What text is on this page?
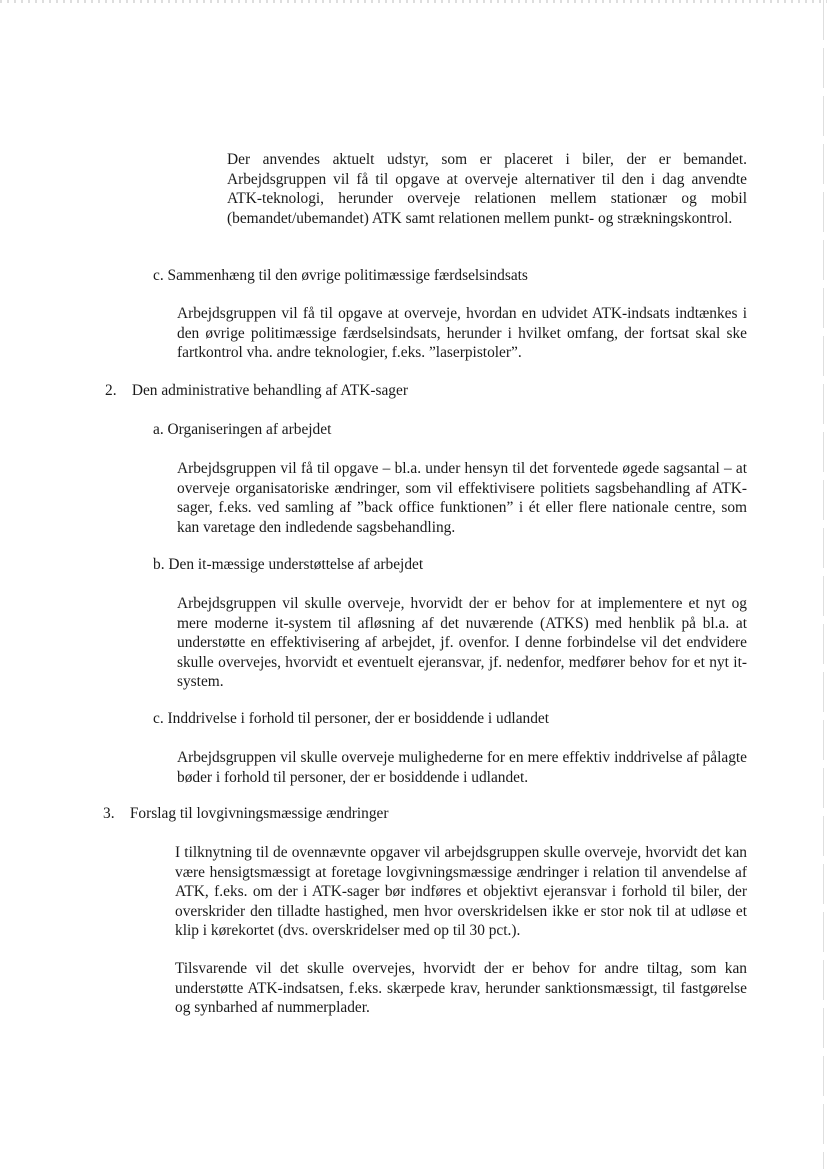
Der anvendes aktuelt udstyr, som er placeret i biler, der er bemandet. Arbejdsgruppen vil få til opgave at overveje alternativer til den i dag anvendte ATK-teknologi, herunder overveje relationen mellem stationær og mobil (bemandet/ubemandet) ATK samt relationen mellem punkt- og strækningskontrol.

c. Sammenhæng til den øvrige politimæssige færdselsindsats

Arbejdsgruppen vil få til opgave at overveje, hvordan en udvidet ATK-indsats indtænkes i den øvrige politimæssige færdselsindsats, herunder i hvilket omfang, der fortsat skal ske fartkontrol vha. andre teknologier, f.eks. ”laserpistoler”.

2. Den administrative behandling af ATK-sager

a. Organiseringen af arbejdet

Arbejdsgruppen vil få til opgave – bl.a. under hensyn til det forventede øgede sagsantal – at overveje organisatoriske ændringer, som vil effektivisere politiets sagsbehandling af ATK-sager, f.eks. ved samling af ”back office funktionen” i ét eller flere nationale centre, som kan varetage den indledende sagsbehandling.

b. Den it-mæssige understøttelse af arbejdet

Arbejdsgruppen vil skulle overveje, hvorvidt der er behov for at implementere et nyt og mere moderne it-system til afløsning af det nuværende (ATKS) med henblik på bl.a. at understøtte en effektivisering af arbejdet, jf. ovenfor. I denne forbindelse vil det endvidere skulle overvejes, hvorvidt et eventuelt ejeransvar, jf. nedenfor, medfører behov for et nyt it-system.

c. Inddrivelse i forhold til personer, der er bosiddende i udlandet

Arbejdsgruppen vil skulle overveje mulighederne for en mere effektiv inddrivelse af pålagte bøder i forhold til personer, der er bosiddende i udlandet.

3. Forslag til lovgivningsmæssige ændringer

I tilknytning til de ovennævnte opgaver vil arbejdsgruppen skulle overveje, hvorvidt det kan være hensigtsmæssigt at foretage lovgivningsmæssige ændringer i relation til anvendelse af ATK, f.eks. om der i ATK-sager bør indføres et objektivt ejeransvar i forhold til biler, der overskrider den tilladte hastighed, men hvor overskridelsen ikke er stor nok til at udløse et klip i kørekortet (dvs. overskridelser med op til 30 pct.).

Tilsvarende vil det skulle overvejes, hvorvidt der er behov for andre tiltag, som kan understøtte ATK-indsatsen, f.eks. skærpede krav, herunder sanktionsmæssigt, til fastgørelse og synbarhed af nummerplader.
